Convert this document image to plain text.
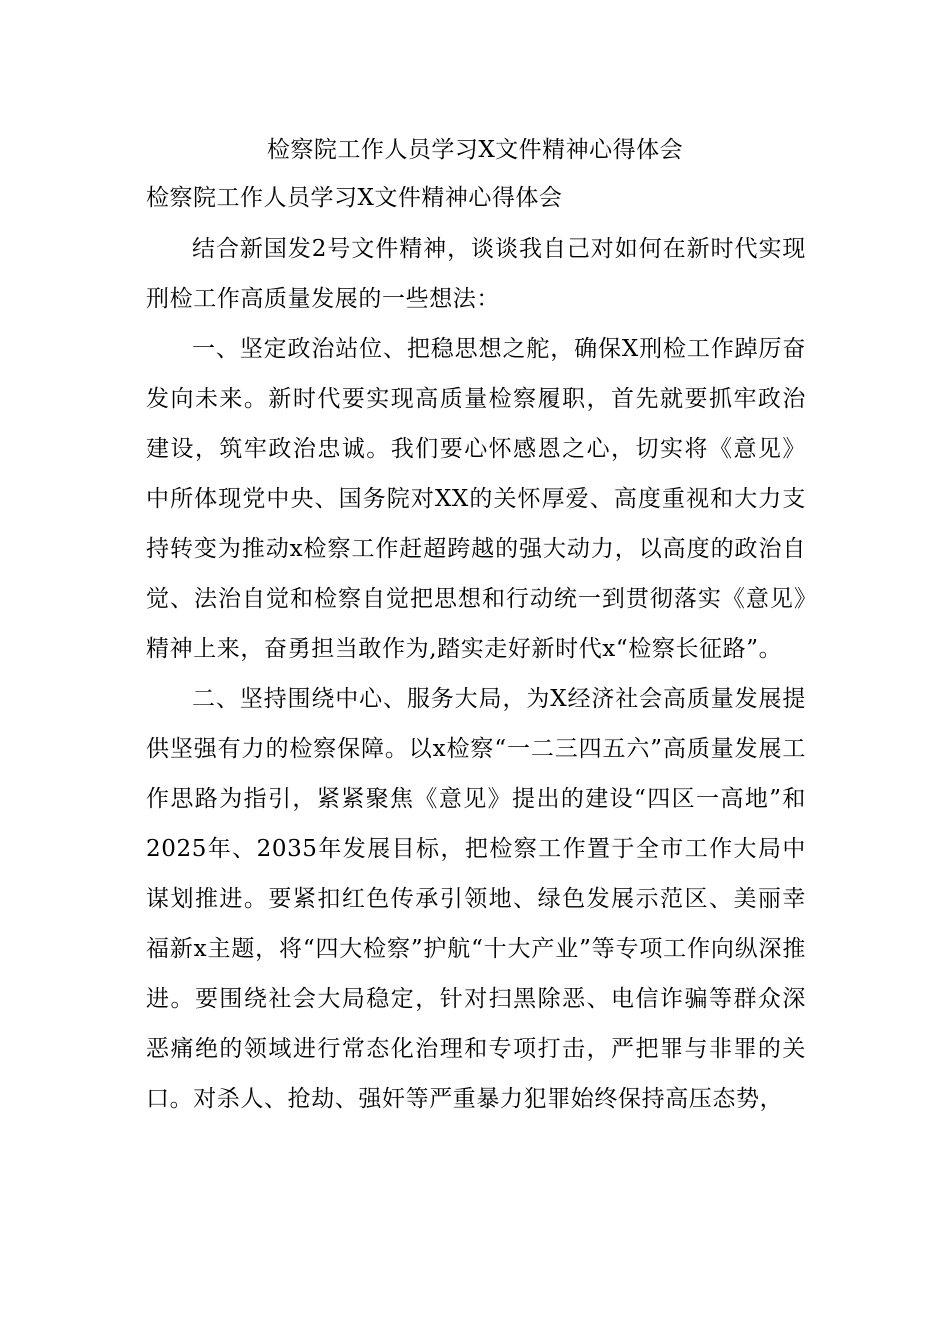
检察院工作人员学习X文件精神心得体会
检察院工作人员学习X文件精神心得体会

结合新国发2号文件精神，谈谈我自己对如何在新时代实现刑检工作高质量发展的一些想法：

一、坚定政治站位、把稳思想之舵，确保X刑检工作踔厉奋发向未来。新时代要实现高质量检察履职，首先就要抓牢政治建设，筑牢政治忠诚。我们要心怀感恩之心，切实将《意见》中所体现党中央、国务院对XX的关怀厚爱、高度重视和大力支持转变为推动x检察工作赶超跨越的强大动力，以高度的政治自觉、法治自觉和检察自觉把思想和行动统一到贯彻落实《意见》精神上来，奋勇担当敢作为,踏实走好新时代x“检察长征路”。

二、坚持围绕中心、服务大局，为X经济社会高质量发展提供坚强有力的检察保障。以x检察“一二三四五六”高质量发展工作思路为指引，紧紧聚焦《意见》提出的建设“四区一高地”和2025年、2035年发展目标，把检察工作置于全市工作大局中谋划推进。要紧扣红色传承引领地、绿色发展示范区、美丽幸福新x主题，将“四大检察”护航“十大产业”等专项工作向纵深推进。要围绕社会大局稳定，针对扫黑除恶、电信诈骗等群众深恶痛绝的领域进行常态化治理和专项打击，严把罪与非罪的关口。对杀人、抢劫、强奸等严重暴力犯罪始终保持高压态势，
